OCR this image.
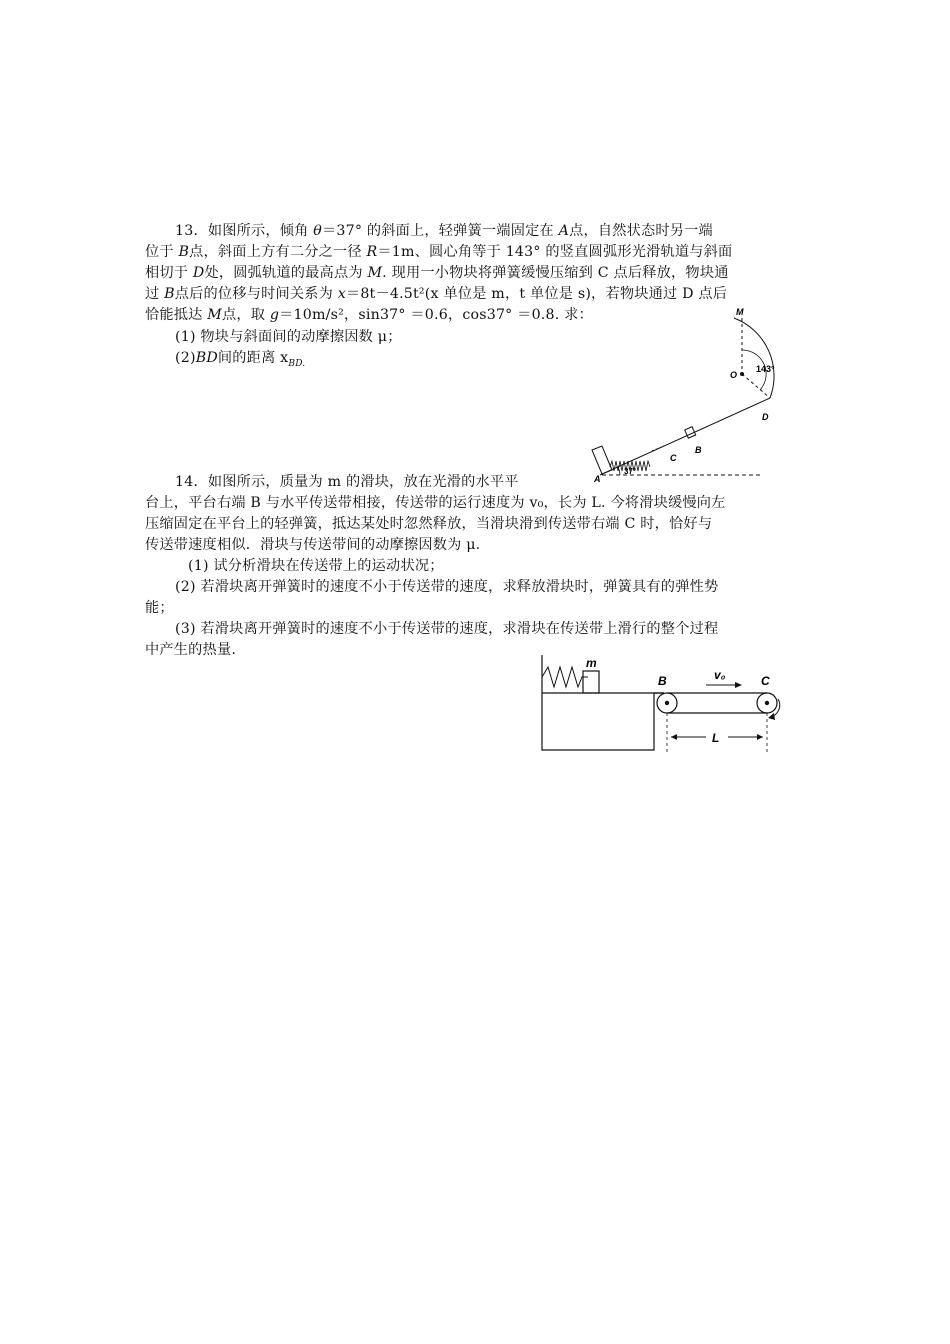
13．如图所示，倾角 θ＝37° 的斜面上，轻弹簧一端固定在 A点，自然状态时另一端
位于 B点，斜面上方有二分之一径 R＝1m、圆心角等于 143° 的竖直圆弧形光滑轨道与斜面
相切于 D处，圆弧轨道的最高点为 M. 现用一小物块将弹簧缓慢压缩到 C 点后释放，物块通
过 B点后的位移与时间关系为 x＝8t－4.5t²(x 单位是 m，t 单位是 s)，若物块通过 D 点后
恰能抵达 M点，取 g＝10m/s²，sin37° ＝0.6，cos37° ＝0.8. 求：
(1) 物块与斜面间的动摩擦因数 μ；
(2)BD间的距离 $x_{BD.}$
M
O
143°
D
B
C
A
37°
14．如图所示，质量为 m 的滑块，放在光滑的水平平
台上，平台右端 B 与水平传送带相接，传送带的运行速度为 v₀，长为 L. 今将滑块缓慢向左
压缩固定在平台上的轻弹簧，抵达某处时忽然释放，当滑块滑到传送带右端 C 时，恰好与
传送带速度相似．滑块与传送带间的动摩擦因数为 μ.
(1) 试分析滑块在传送带上的运动状况；
(2) 若滑块离开弹簧时的速度不小于传送带的速度，求释放滑块时，弹簧具有的弹性势
能；
(3) 若滑块离开弹簧时的速度不小于传送带的速度，求滑块在传送带上滑行的整个过程
中产生的热量.
m
B	v₀	C
L
